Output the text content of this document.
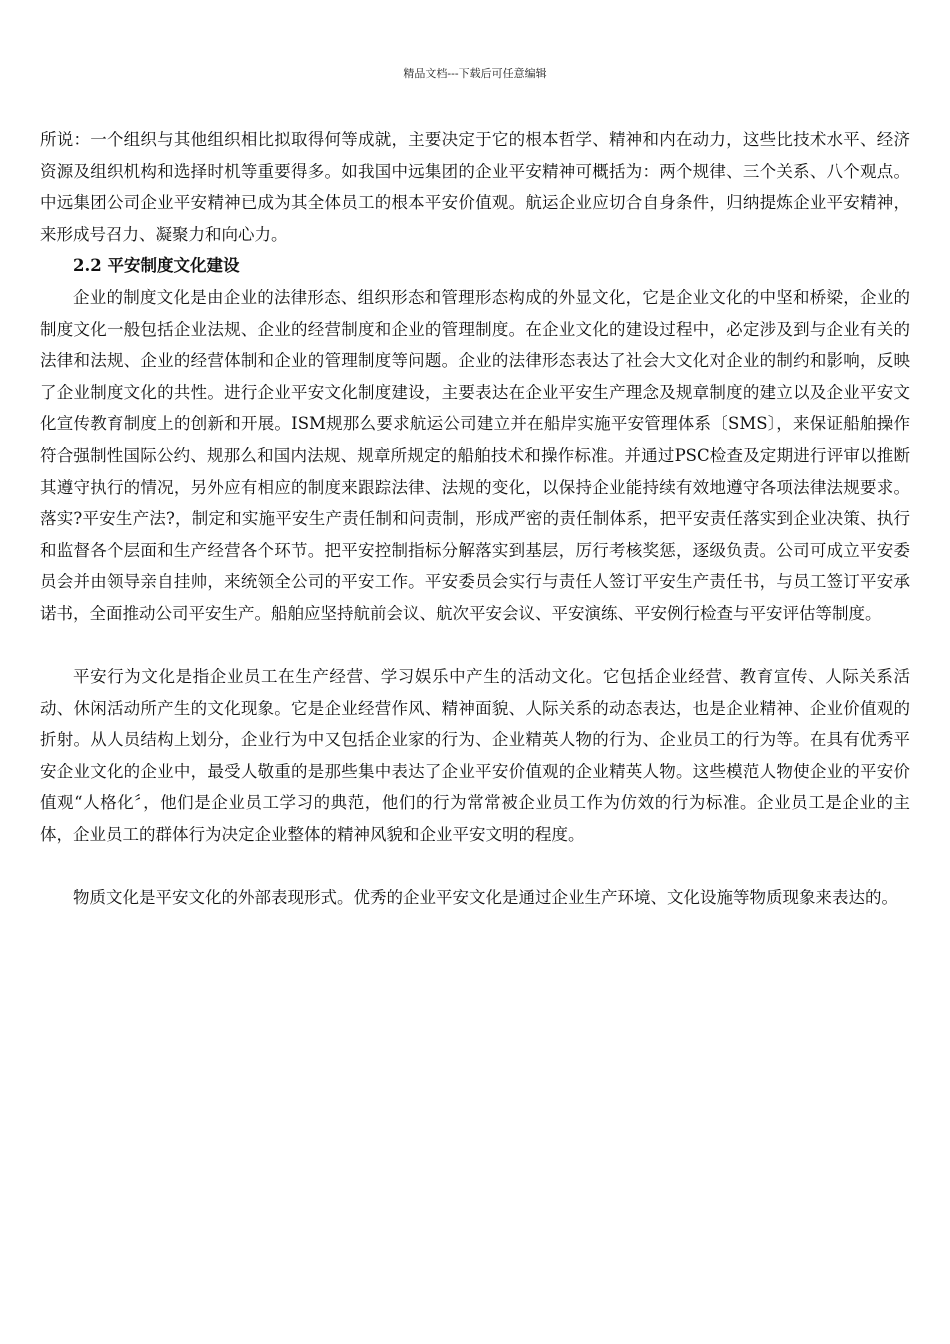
精品文档---下载后可任意编辑

所说：一个组织与其他组织相比拟取得何等成就，主要决定于它的根本哲学、精神和内在动力，这些比技术水平、经济资源及组织机构和选择时机等重要得多。如我国中远集团的企业平安精神可概括为：两个规律、三个关系、八个观点。中远集团公司企业平安精神已成为其全体员工的根本平安价值观。航运企业应切合自身条件，归纳提炼企业平安精神，来形成号召力、凝聚力和向心力。

2.2 平安制度文化建设

企业的制度文化是由企业的法律形态、组织形态和管理形态构成的外显文化，它是企业文化的中坚和桥梁，企业的制度文化一般包括企业法规、企业的经营制度和企业的管理制度。在企业文化的建设过程中，必定涉及到与企业有关的法律和法规、企业的经营体制和企业的管理制度等问题。企业的法律形态表达了社会大文化对企业的制约和影响，反映了企业制度文化的共性。进行企业平安文化制度建设，主要表达在企业平安生产理念及规章制度的建立以及企业平安文化宣传教育制度上的创新和开展。ISM规那么要求航运公司建立并在船岸实施平安管理体系〔SMS〕，来保证船舶操作符合强制性国际公约、规那么和国内法规、规章所规定的船舶技术和操作标准。并通过PSC检查及定期进行评审以推断其遵守执行的情况，另外应有相应的制度来跟踪法律、法规的变化，以保持企业能持续有效地遵守各项法律法规要求。落实?平安生产法?，制定和实施平安生产责任制和问责制，形成严密的责任制体系，把平安责任落实到企业决策、执行和监督各个层面和生产经营各个环节。把平安控制指标分解落实到基层，厉行考核奖惩，逐级负责。公司可成立平安委员会并由领导亲自挂帅，来统领全公司的平安工作。平安委员会实行与责任人签订平安生产责任书，与员工签订平安承诺书，全面推动公司平安生产。船舶应坚持航前会议、航次平安会议、平安演练、平安例行检查与平安评估等制度。

平安行为文化是指企业员工在生产经营、学习娱乐中产生的活动文化。它包括企业经营、教育宣传、人际关系活动、休闲活动所产生的文化现象。它是企业经营作风、精神面貌、人际关系的动态表达，也是企业精神、企业价值观的折射。从人员结构上划分，企业行为中又包括企业家的行为、企业精英人物的行为、企业员工的行为等。在具有优秀平安企业文化的企业中，最受人敬重的是那些集中表达了企业平安价值观的企业精英人物。这些模范人物使企业的平安价值观“人格化〞，他们是企业员工学习的典范，他们的行为常常被企业员工作为仿效的行为标准。企业员工是企业的主体，企业员工的群体行为决定企业整体的精神风貌和企业平安文明的程度。

物质文化是平安文化的外部表现形式。优秀的企业平安文化是通过企业生产环境、文化设施等物质现象来表达的。
